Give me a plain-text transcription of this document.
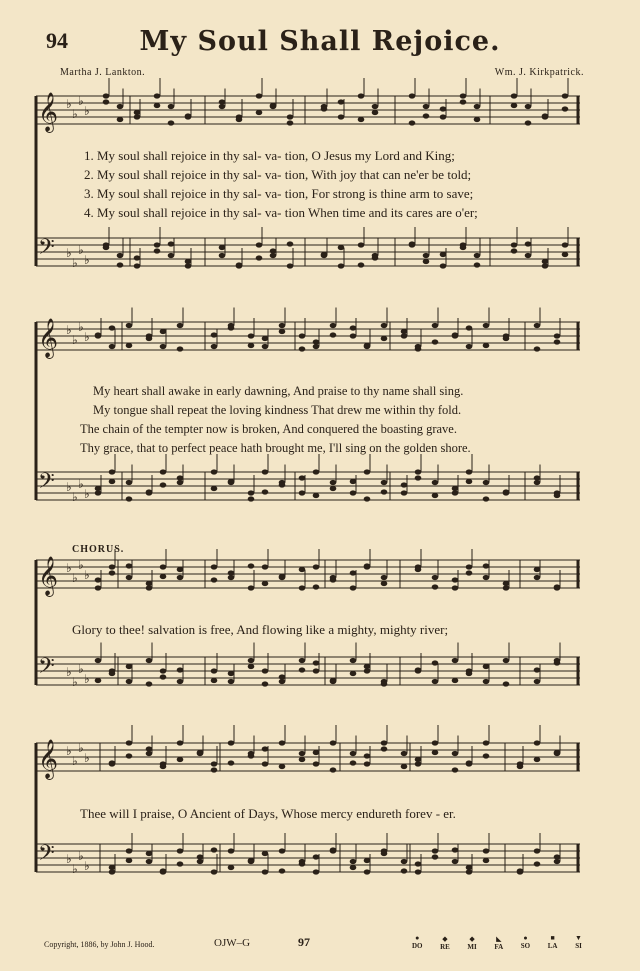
94	My Soul Shall Rejoice.
Martha J. Lankton.	Wm. J. Kirkpatrick.
𝄞 ♭
♭
♭
♭
𝄢 ♭
♭
♭
♭
𝄞 ♭
♭
♭
♭
𝄢 ♭
♭
♭
♭
𝄞 ♭
♭
♭
♭
𝄢 ♭
♭
♭
♭
𝄞 ♭
♭
♭
♭
𝄢 ♭
♭
♭
♭
1. My soul shall rejoice in thy sal- va- tion, O Jesus my Lord and King;
2. My soul shall rejoice in thy sal- va- tion, With joy that can ne'er be told;
3. My soul shall rejoice in thy sal- va- tion, For strong is thine arm to save;
4. My soul shall rejoice in thy sal- va- tion When time and its cares are o'er;
My heart shall awake in early dawning, And praise to thy name shall sing.
My tongue shall repeat the loving kindness That drew me within thy fold.
The chain of the tempter now is broken, And conquered the boasting grave.
Thy grace, that to perfect peace hath brought me, I'll sing on the golden shore.
CHORUS.
Glory to thee! salvation is free, And flowing like a mighty, mighty river;
Thee will I praise, O Ancient of Days, Whose mercy endureth forev - er.
Copyright, 1886, by John J. Hood.	OJW–G	97	●
DO
◆
RE
◆
MI
◣
FA
●
SO
■
LA
▼
SI
